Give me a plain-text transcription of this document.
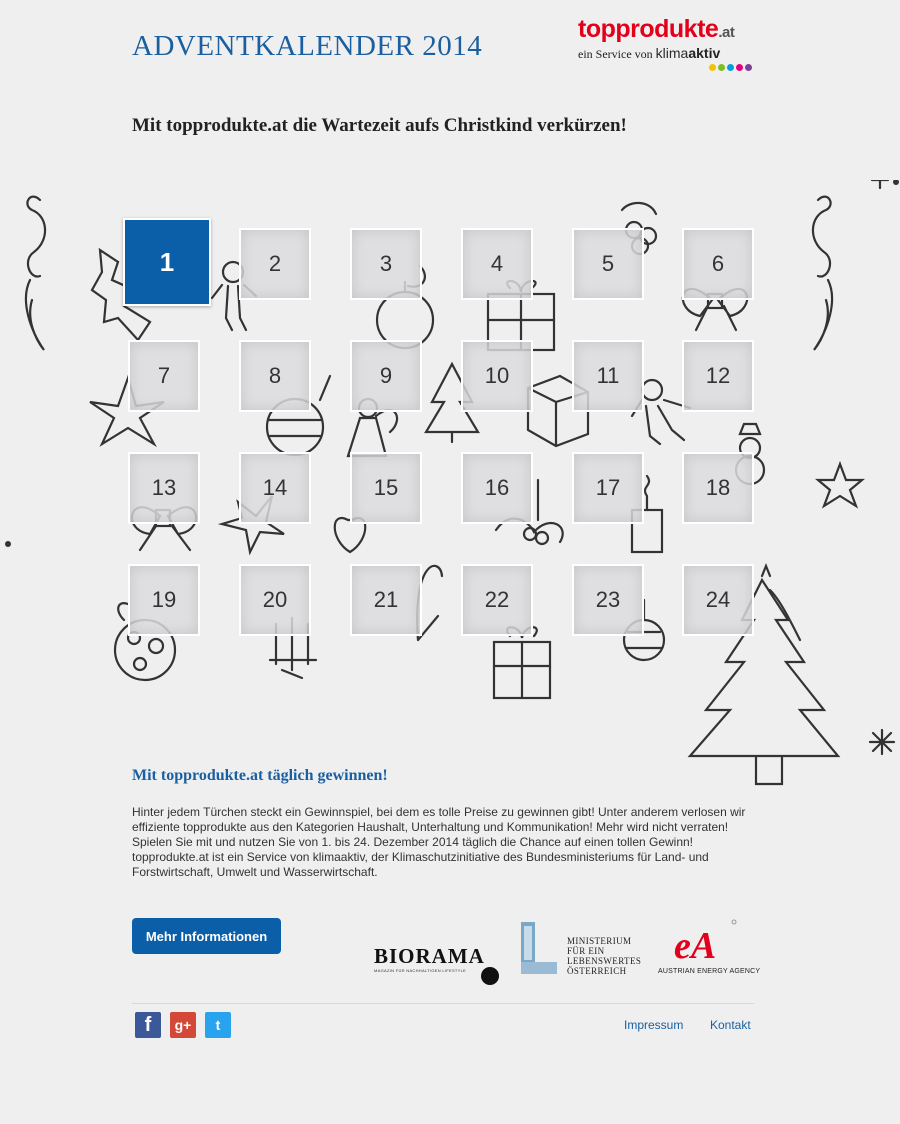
ADVENTKALENDER 2014
topprodukte.at
ein Service von klimaaktiv
Mit topprodukte.at die Wartezeit aufs Christkind verkürzen!
1	2	3	4	5	6
7	8	9	10	11	12
13	14	15	16	17	18
19	20	21	22	23	24
Mit topprodukte.at täglich gewinnen!

Hinter jedem Türchen steckt ein Gewinnspiel, bei dem es tolle Preise zu gewinnen gibt! Unter anderem verlosen wir effiziente topprodukte aus den Kategorien Haushalt, Unterhaltung und Kommunikation! Mehr wird nicht verraten! Spielen Sie mit und nutzen Sie von 1. bis 24. Dezember 2014 täglich die Chance auf einen tollen Gewinn!
topprodukte.at ist ein Service von klimaaktiv, der Klimaschutzinitiative des Bundesministeriums für Land- und Forstwirtschaft, Umwelt und Wasserwirtschaft.

Mehr Informationen
BIORAMA
MAGAZIN FÜR NACHHALTIGEN LIFESTYLE
MINISTERIUM
FÜR EIN
LEBENSWERTES
ÖSTERREICH
eA
AUSTRIAN ENERGY AGENCY
f	g+	t	Impressum Kontakt
